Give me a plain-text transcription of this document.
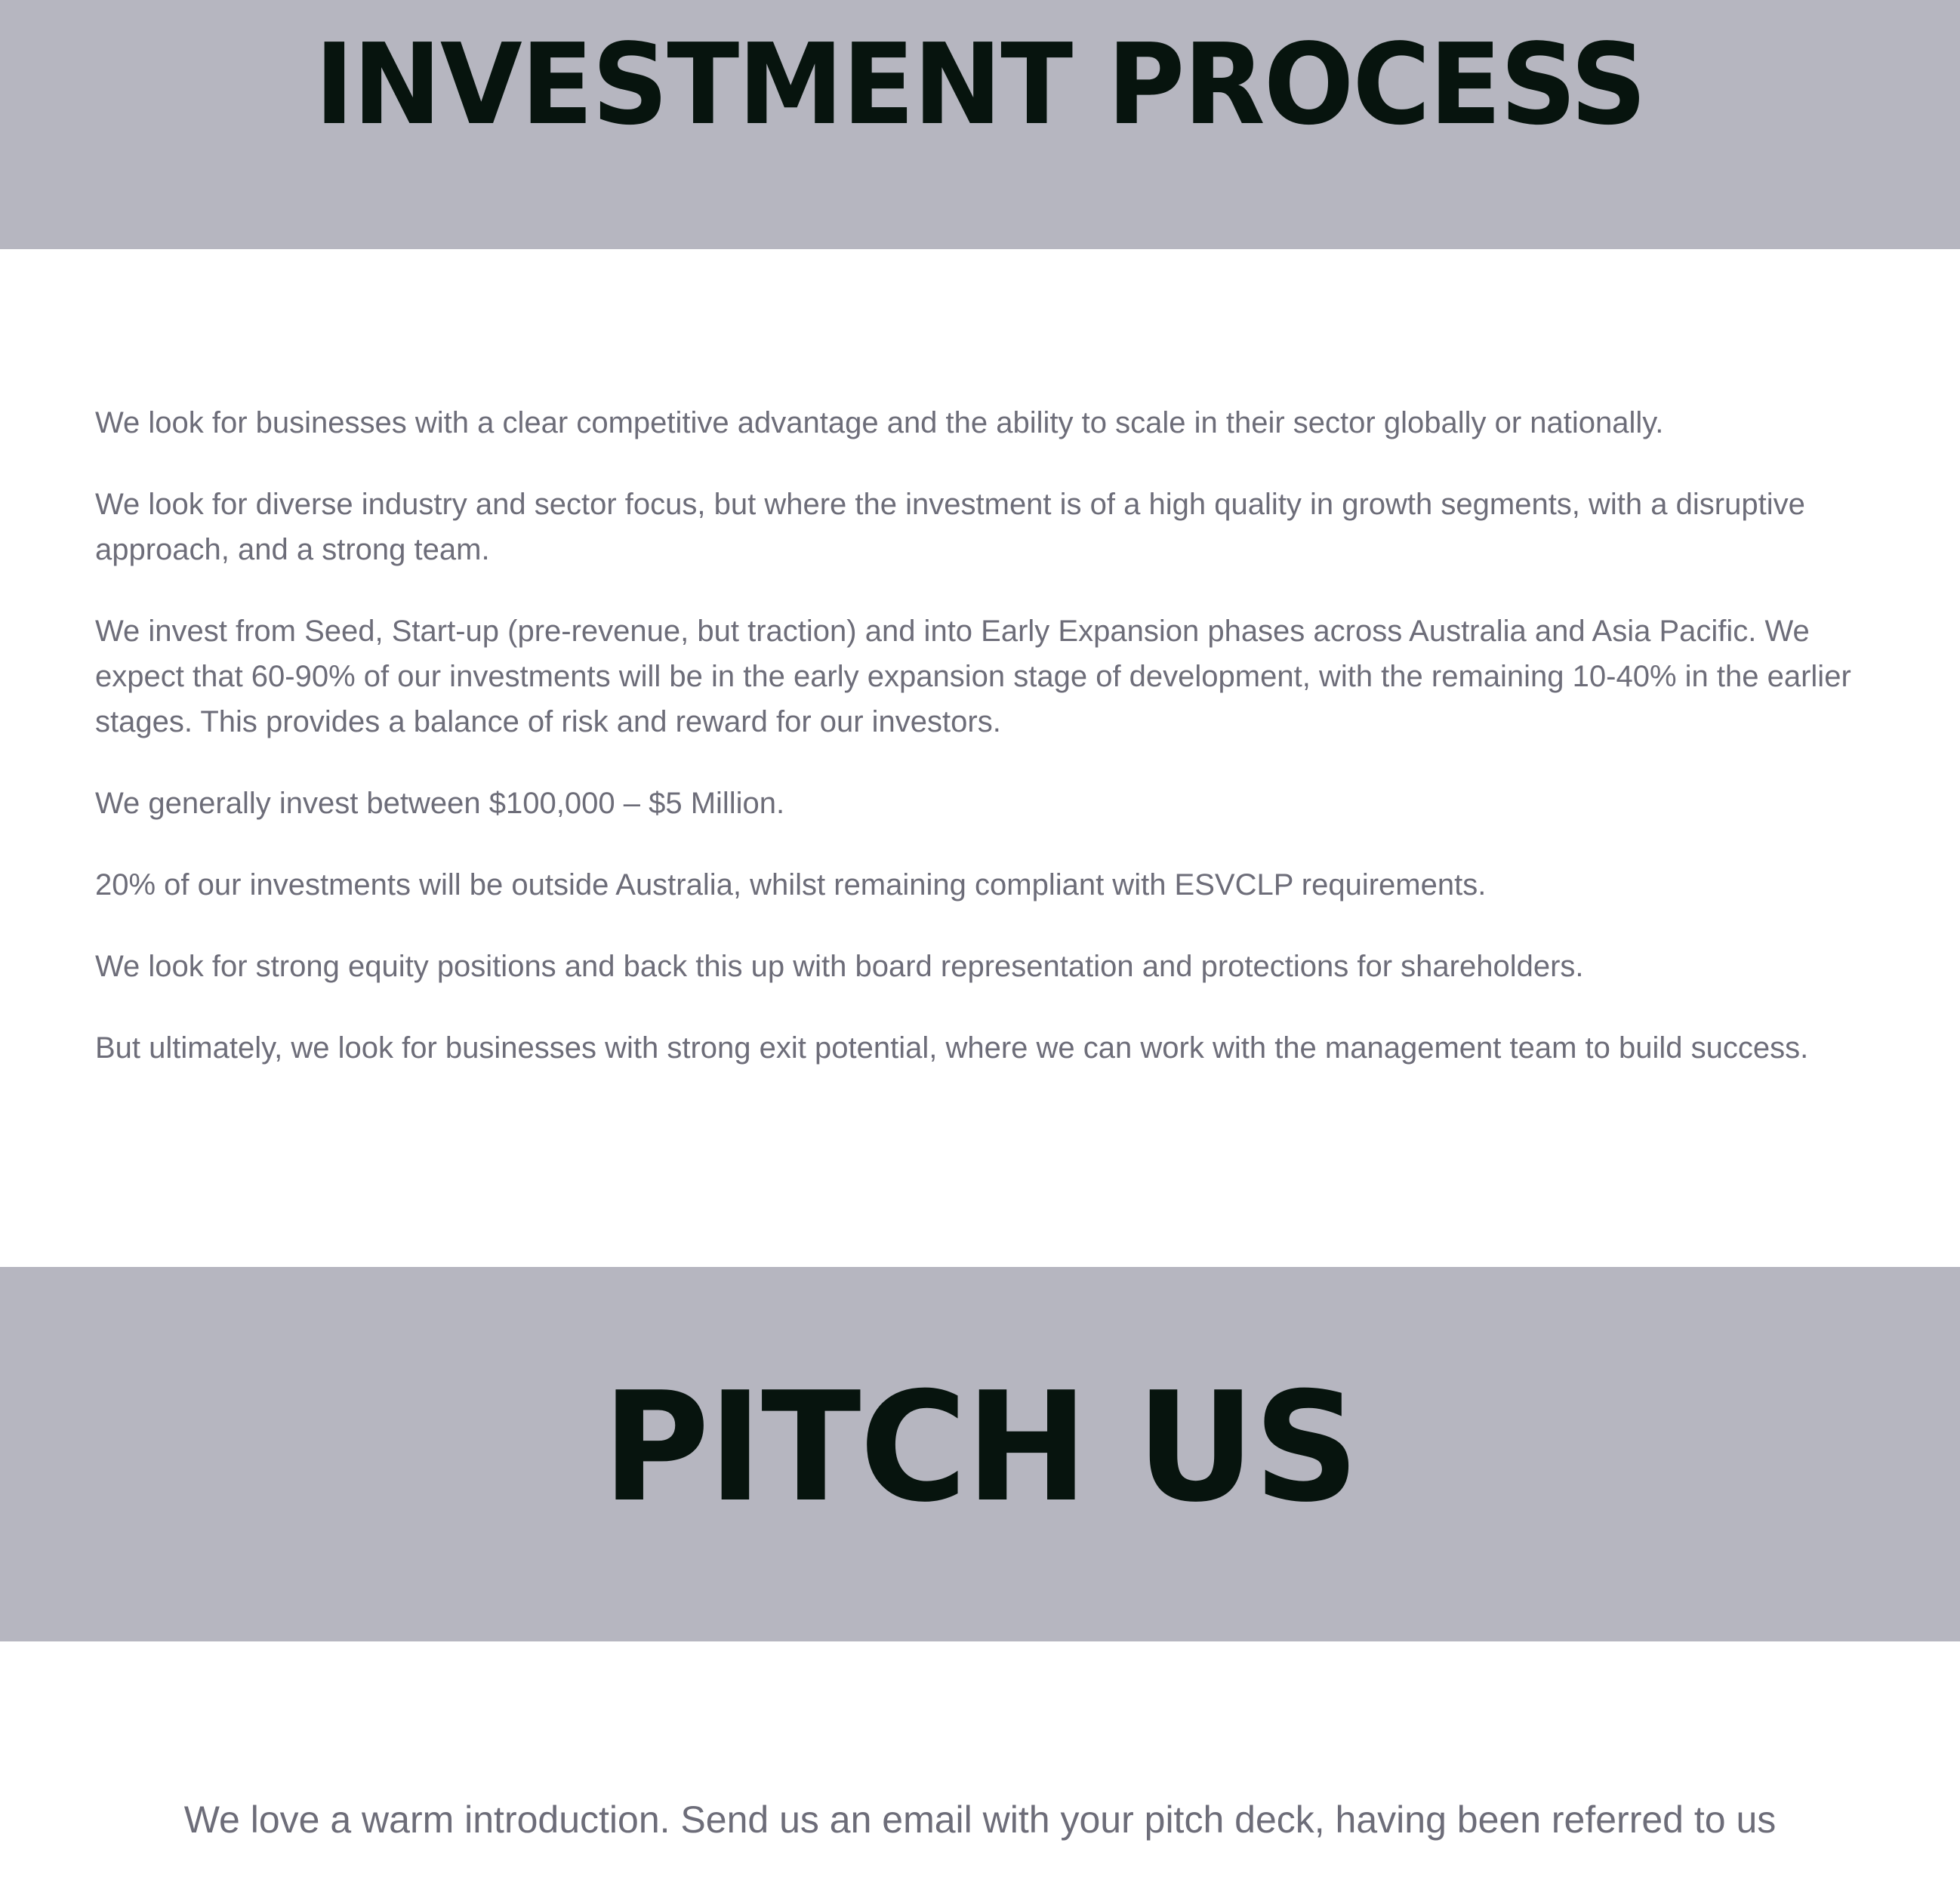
INVESTMENT PROCESS

We look for businesses with a clear competitive advantage and the ability to scale in their sector globally or nationally.

We look for diverse industry and sector focus, but where the investment is of a high quality in growth segments, with a disruptive approach, and a strong team.

We invest from Seed, Start-up (pre-revenue, but traction) and into Early Expansion phases across Australia and Asia Pacific. We expect that 60-90% of our investments will be in the early expansion stage of development, with the remaining 10-40% in the earlier stages. This provides a balance of risk and reward for our investors.

We generally invest between $100,000 – $5 Million.

20% of our investments will be outside Australia, whilst remaining compliant with ESVCLP requirements.

We look for strong equity positions and back this up with board representation and protections for shareholders.

But ultimately, we look for businesses with strong exit potential, where we can work with the management team to build success.

PITCH US

We love a warm introduction. Send us an email with your pitch deck, having been referred to us
